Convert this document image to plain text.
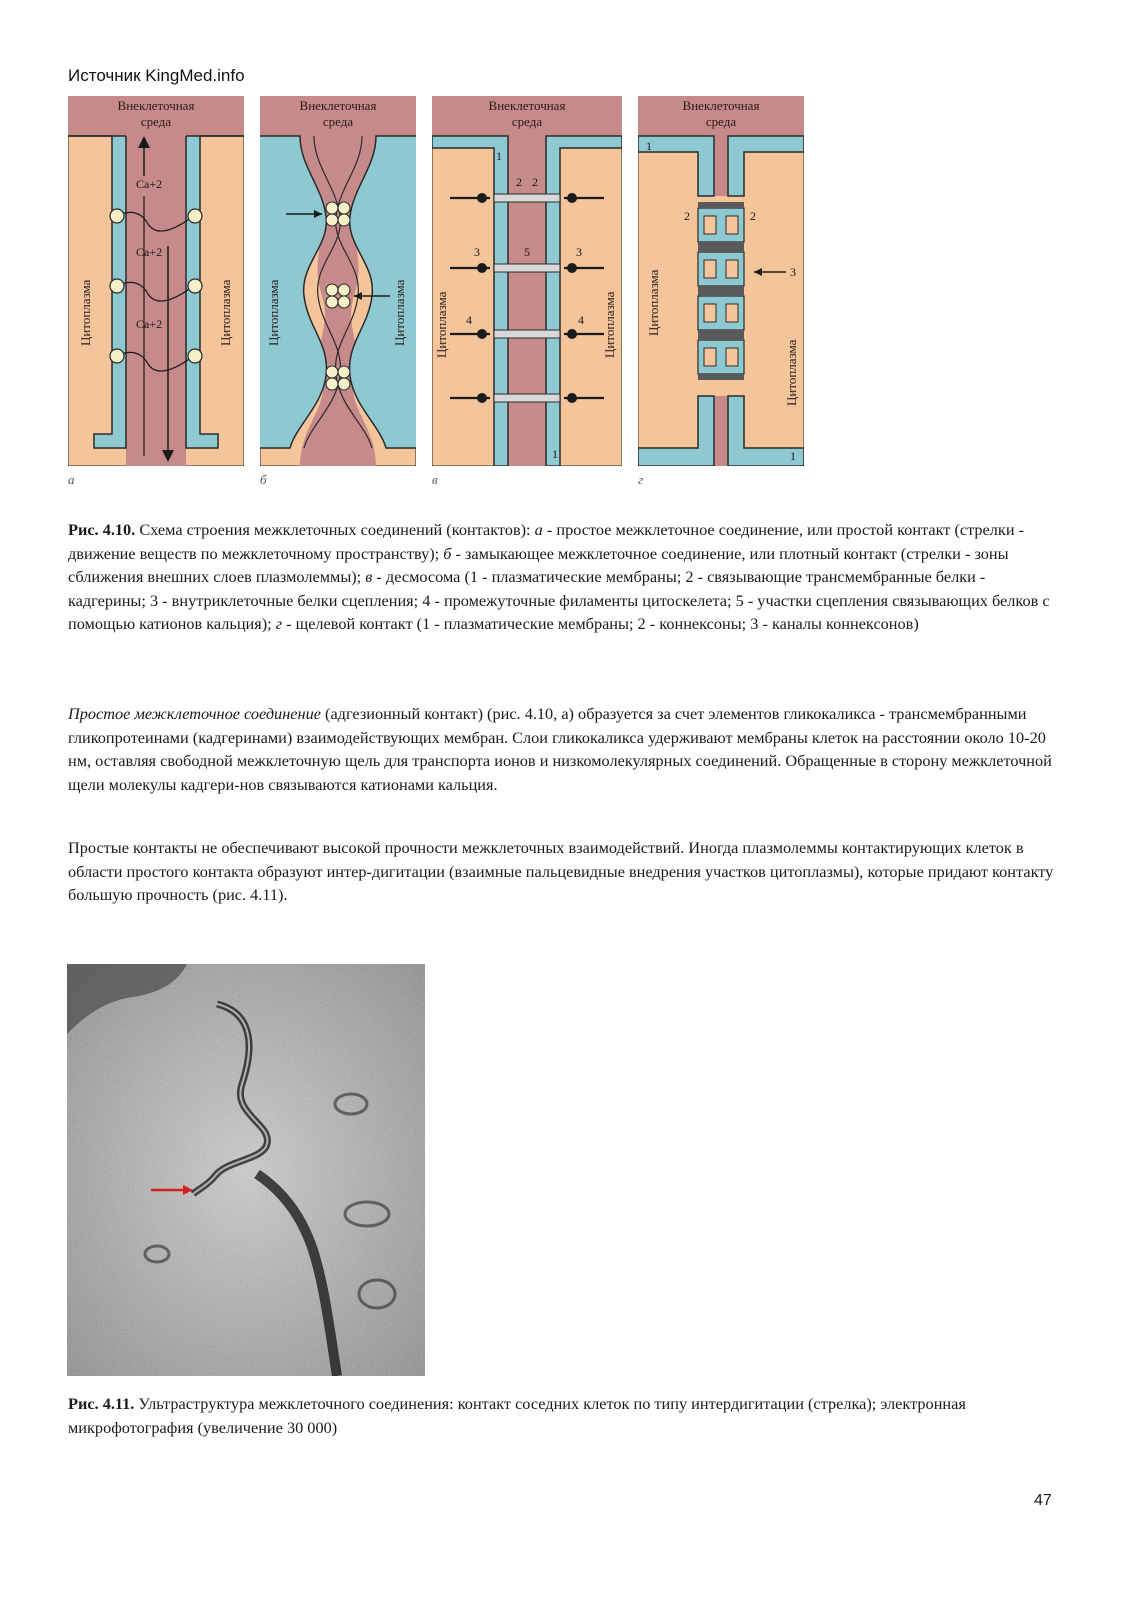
Источник KingMed.info
Внеклеточная
среда
Ca+2
Ca+2
Ca+2
Цитоплазма	Цитоплазма
Внеклеточная
среда
Цитоплазма	Цитоплазма
Внеклеточная
среда
1
1
2 2
3	3
5
4	4
Цитоплазма	Цитоплазма
Внеклеточная
среда
1
1
2	2
3
Цитоплазма
Цитоплазма
а	б	в	г
Рис. 4.10. Схема строения межклеточных соединений (контактов): а - простое межклеточное соединение, или простой контакт (стрелки - движение веществ по межклеточному пространству); б - замыкающее межклеточное соединение, или плотный контакт (стрелки - зоны сближения внешних слоев плазмолеммы); в - десмосома (1 - плазматические мембраны; 2 - связывающие трансмембранные белки - кадгерины; 3 - внутриклеточные белки сцепления; 4 - промежуточные филаменты цитоскелета; 5 - участки сцепления связывающих белков с помощью катионов кальция); г - щелевой контакт (1 - плазматические мембраны; 2 - коннексоны; 3 - каналы коннексонов)
Простое межклеточное соединение (адгезионный контакт) (рис. 4.10, а) образуется за счет элементов гликокаликса - трансмембранными гликопротеинами (кадгеринами) взаимодействующих мембран. Слои гликокаликса удерживают мембраны клеток на расстоянии около 10-20 нм, оставляя свободной межклеточную щель для транспорта ионов и низкомолекулярных соединений. Обращенные в сторону межклеточной щели молекулы кадгери-нов связываются катионами кальция.
Простые контакты не обеспечивают высокой прочности межклеточных взаимодействий. Иногда плазмолеммы контактирующих клеток в области простого контакта образуют интер-дигитации (взаимные пальцевидные внедрения участков цитоплазмы), которые придают контакту большую прочность (рис. 4.11).
Рис. 4.11. Ультраструктура межклеточного соединения: контакт соседних клеток по типу интердигитации (стрелка); электронная микрофотография (увеличение 30 000)
47
